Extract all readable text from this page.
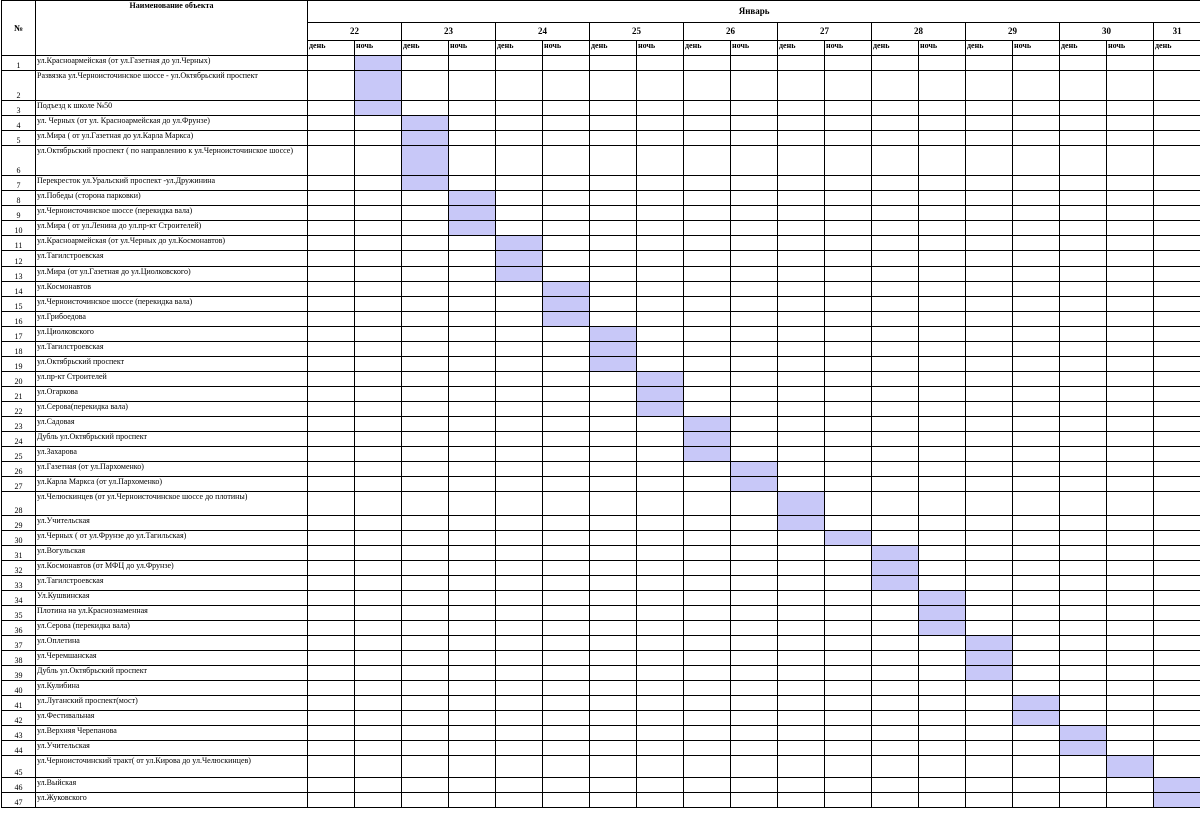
№	Наименование объекта	Январь																		
		22		23		24		25		26		27		28		29		30		31
		день	ночь	день	ночь	день	ночь	день	ночь	день	ночь	день	ночь	день	ночь	день	ночь	день	ночь	день
1	ул.Красноармейская (от ул.Газетная до ул.Черных)																			
2	Развязка ул.Черноисточинское шоссе - ул.Октябрьский проспект																			
3	Подъезд к школе №50																			
4	ул. Черных (от ул. Красноармейская до ул.Фрунзе)																			
5	ул.Мира ( от ул.Газетная до ул.Карла Маркса)																			
6	ул.Октябрьский проспект ( по направлению к ул.Черноисточинское шоссе)																			
7	Перекресток ул.Уральский проспект -ул.Дружинина																			
8	ул.Победы (сторона парковки)																			
9	ул.Черноисточинское шоссе (перекидка вала)																			
10	ул.Мира ( от ул.Ленина до ул.пр-кт Строителей)																			
11	ул.Красноармейская (от ул.Черных до ул.Космонавтов)																			
12	ул.Тагилстроевская																			
13	ул.Мира (от ул.Газетная до ул.Циолковского)																			
14	ул.Космонавтов																			
15	ул.Черноисточинское шоссе (перекидка вала)																			
16	ул.Грибоедова																			
17	ул.Циолковского																			
18	ул.Тагилстроевская																			
19	ул.Октябрьский проспект																			
20	ул.пр-кт Строителей																			
21	ул.Огаркова																			
22	ул.Серова(перекидка вала)																			
23	ул.Садовая																			
24	Дубль ул.Октябрьский проспект																			
25	ул.Захарова																			
26	ул.Газетная (от ул.Пархоменко)																			
27	ул.Карла Маркса (от ул.Пархоменко)																			
28	ул.Челюскинцев (от ул.Черноисточинское шоссе до плотины)																			
29	ул.Учительская																			
30	ул.Черных ( от ул.Фрунзе до ул.Тагильская)																			
31	ул.Вогульская																			
32	ул.Космонавтов (от МФЦ до ул.Фрунзе)																			
33	ул.Тагилстроевская																			
34	Ул.Кушвинская																			
35	Плотина на ул.Краснознаменная																			
36	ул.Серова (перекидка вала)																			
37	ул.Оплетина																			
38	ул.Черемшанская																			
39	Дубль ул.Октябрьский проспект																			
40	ул.Кулибина																			
41	ул.Луганский проспект(мост)																			
42	ул.Фестивальная																			
43	ул.Верхняя Черепанова																			
44	ул.Учительская																			
45	ул.Черноисточинский тракт( от ул.Кирова до ул.Челюскинцев)																			
46	ул.Выйская																			
47	ул.Жуковского																			
